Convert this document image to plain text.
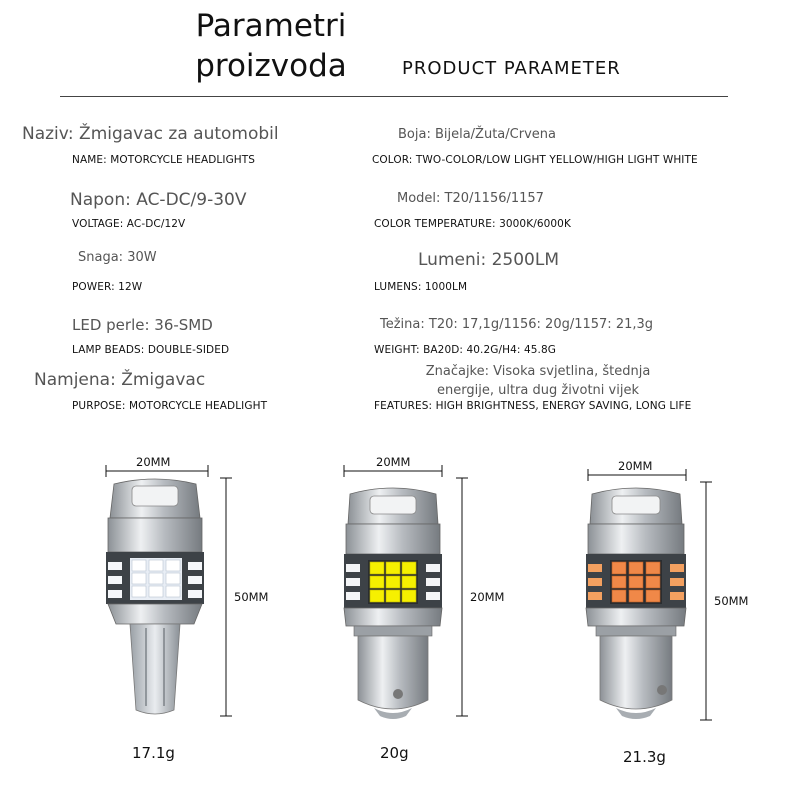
Parametri proizvoda	PRODUCT PARAMETER
Naziv: Žmigavac za automobil
NAME: MOTORCYCLE HEADLIGHTS
Napon: AC-DC/9-30V
VOLTAGE: AC-DC/12V
Snaga: 30W
POWER: 12W
LED perle: 36-SMD
LAMP BEADS: DOUBLE-SIDED
Namjena: Žmigavac
PURPOSE: MOTORCYCLE HEADLIGHT
Boja: Bijela/Žuta/Crvena
COLOR: TWO-COLOR/LOW LIGHT YELLOW/HIGH LIGHT WHITE
Model: T20/1156/1157
COLOR TEMPERATURE: 3000K/6000K
Lumeni: 2500LM
LUMENS: 1000LM
Težina: T20: 17,1g/1156: 20g/1157: 21,3g
WEIGHT: BA20D: 40.2G/H4: 45.8G
Značajke: Visoka svjetlina, štednja
energije, ultra dug životni vijek
FEATURES: HIGH BRIGHTNESS, ENERGY SAVING, LONG LIFE
20MM
50MM
17.1g
20MM
20MM
20g
20MM
50MM
21.3g
